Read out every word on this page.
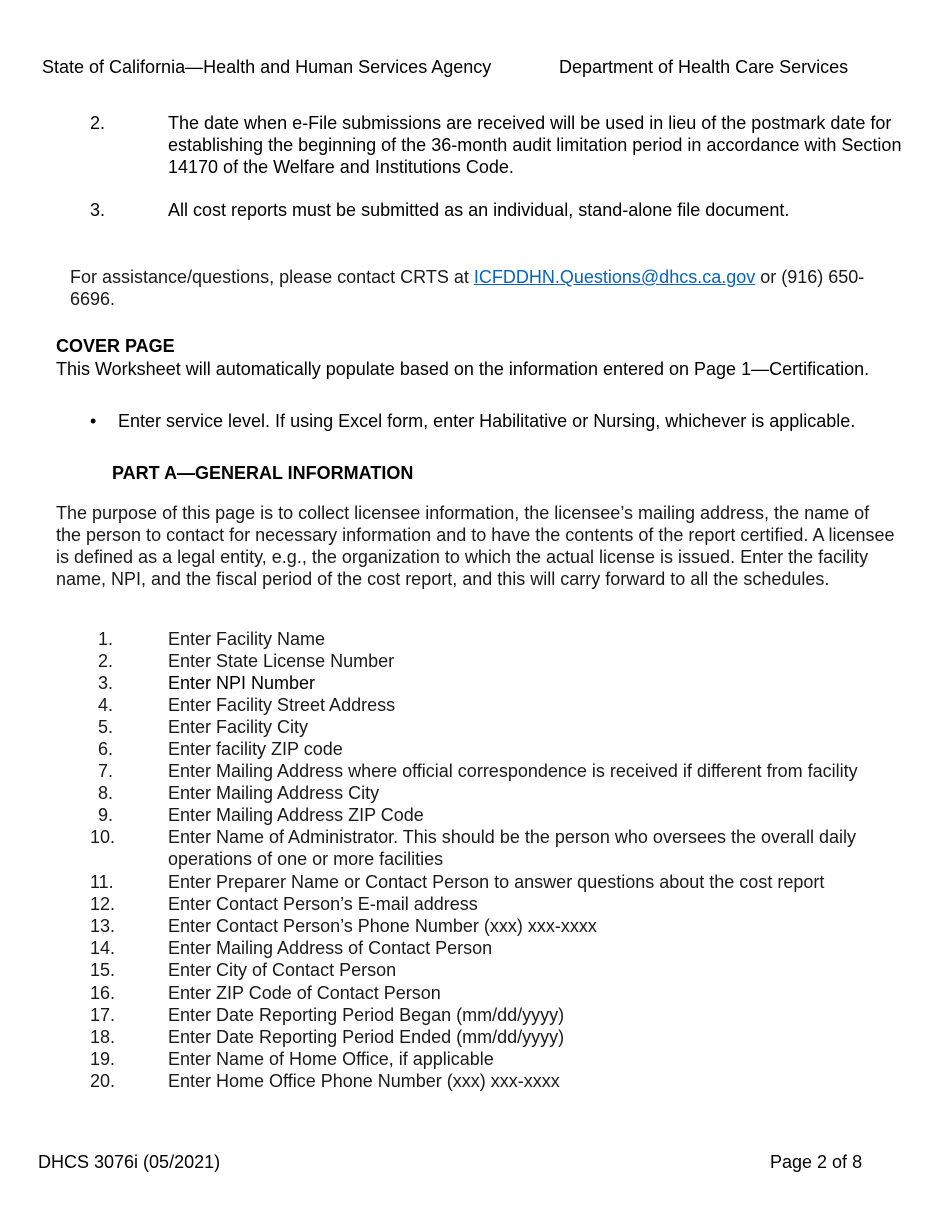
State of California—Health and Human Services Agency	Department of Health Care Services
2.	The date when e-File submissions are received will be used in lieu of the postmark date for establishing the beginning of the 36-month audit limitation period in accordance with Section 14170 of the Welfare and Institutions Code.
3.	All cost reports must be submitted as an individual, stand-alone file document.
For assistance/questions, please contact CRTS at ICFDDHN.Questions@dhcs.ca.gov or (916) 650-6696.
COVER PAGE
This Worksheet will automatically populate based on the information entered on Page 1—Certification.
• Enter service level. If using Excel form, enter Habilitative or Nursing, whichever is applicable.
PART A—GENERAL INFORMATION
The purpose of this page is to collect licensee information, the licensee’s mailing address, the name of the person to contact for necessary information and to have the contents of the report certified. A licensee is defined as a legal entity, e.g., the organization to which the actual license is issued. Enter the facility name, NPI, and the fiscal period of the cost report, and this will carry forward to all the schedules.
1.	Enter Facility Name
2.	Enter State License Number
3.	Enter NPI Number
4.	Enter Facility Street Address
5.	Enter Facility City
6.	Enter facility ZIP code
7.	Enter Mailing Address where official correspondence is received if different from facility
8.	Enter Mailing Address City
9.	Enter Mailing Address ZIP Code
10.	Enter Name of Administrator. This should be the person who oversees the overall daily operations of one or more facilities
11.	Enter Preparer Name or Contact Person to answer questions about the cost report
12.	Enter Contact Person’s E-mail address
13.	Enter Contact Person’s Phone Number (xxx) xxx-xxxx
14.	Enter Mailing Address of Contact Person
15.	Enter City of Contact Person
16.	Enter ZIP Code of Contact Person
17.	Enter Date Reporting Period Began (mm/dd/yyyy)
18.	Enter Date Reporting Period Ended (mm/dd/yyyy)
19.	Enter Name of Home Office, if applicable
20.	Enter Home Office Phone Number (xxx) xxx-xxxx
DHCS 3076i (05/2021)	Page 2 of 8
